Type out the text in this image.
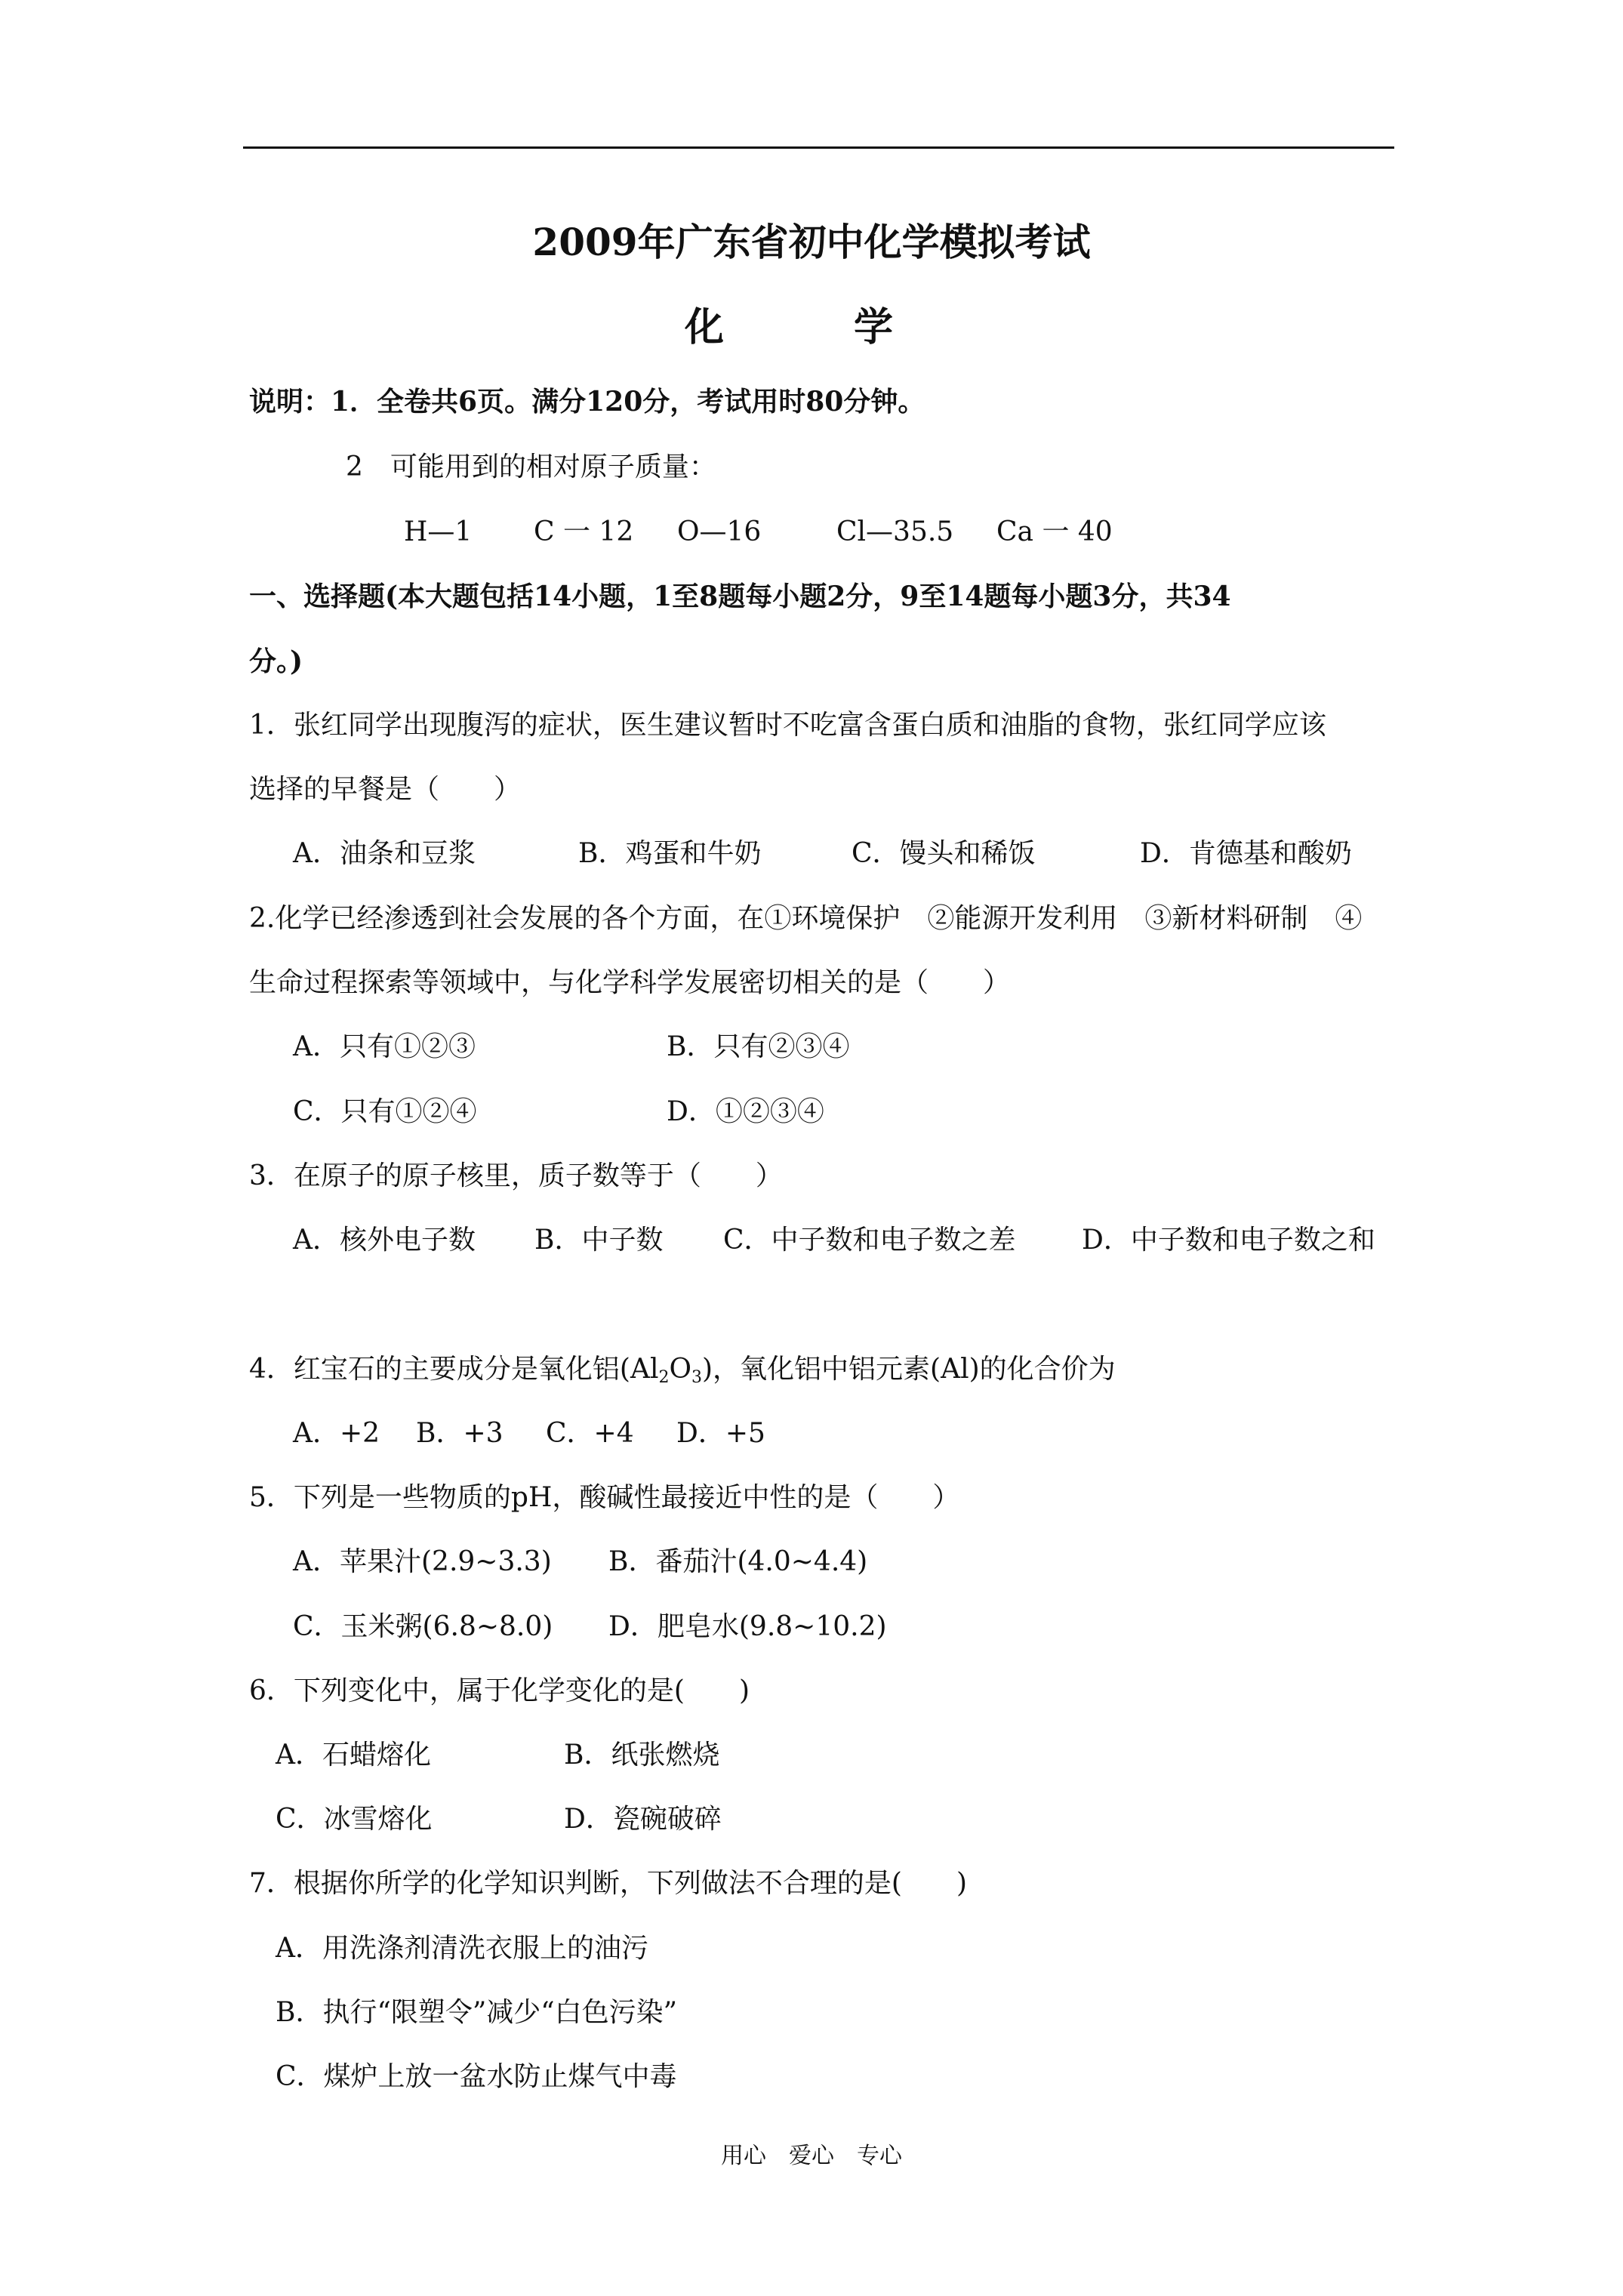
2009年广东省初中化学模拟考试
化　学
说明：1．全卷共6页。满分120分，考试用时80分钟。
2　可能用到的相对原子质量：
H—1 C 一 12 O—16	Cl—35.5 Ca 一 40
一、选择题(本大题包括14小题，1至8题每小题2分，9至14题每小题3分，共34
分。)
1．张红同学出现腹泻的症状，医生建议暂时不吃富含蛋白质和油脂的食物，张红同学应该
选择的早餐是（　　）
A．油条和豆浆	B．鸡蛋和牛奶	C．馒头和稀饭	D．肯德基和酸奶
2.化学已经渗透到社会发展的各个方面，在①环境保护　②能源开发利用　③新材料研制　④
生命过程探索等领域中，与化学科学发展密切相关的是（　　）
A．只有①②③	B．只有②③④
C．只有①②④	D．①②③④
3．在原子的原子核里，质子数等于（　　）
A．核外电子数 B．中子数 C．中子数和电子数之差 D．中子数和电子数之和
4．红宝石的主要成分是氧化铝$(Al_2O_3)$，氧化铝中铝元素(Al)的化合价为
A．+2 B．+3 C．+4 D．+5
5．下列是一些物质的pH，酸碱性最接近中性的是（　　）
A．苹果汁(2.9~3.3) B．番茄汁(4.0~4.4)
C．玉米粥(6.8~8.0) D．肥皂水(9.8~10.2)
6．下列变化中，属于化学变化的是(　　)
A．石蜡熔化	B．纸张燃烧
C．冰雪熔化	D．瓷碗破碎
7．根据你所学的化学知识判断，下列做法不合理的是(　　)
A．用洗涤剂清洗衣服上的油污
B．执行“限塑令”减少“白色污染”
C．煤炉上放一盆水防止煤气中毒
用心　爱心　专心
